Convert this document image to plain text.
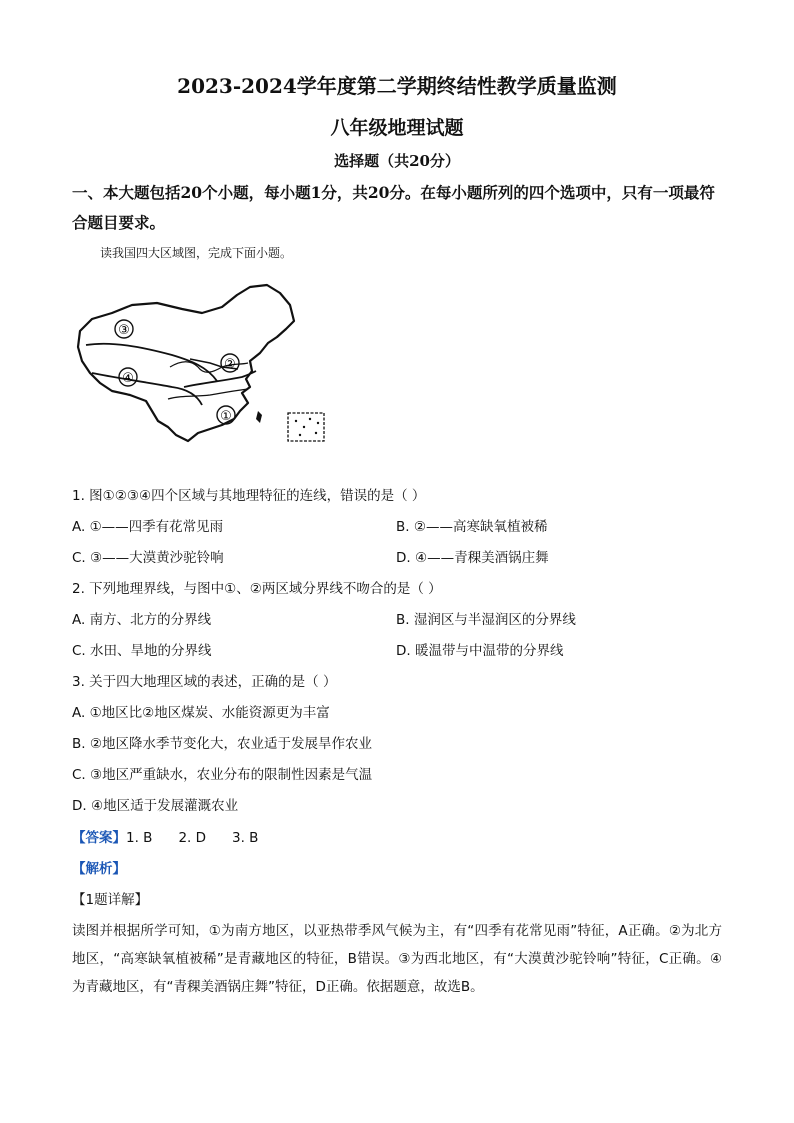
2023-2024学年度第二学期终结性教学质量监测
八年级地理试题
选择题（共20分）
一、本大题包括20个小题，每小题1分，共20分。在每小题所列的四个选项中，只有一项最符合题目要求。
读我国四大区域图，完成下面小题。
③
②
④
①
1. 图①②③④四个区域与其地理特征的连线，错误的是（ ）
A. ①——四季有花常见雨	B. ②——高寒缺氧植被稀
C. ③——大漠黄沙驼铃响	D. ④——青稞美酒锅庄舞
2. 下列地理界线，与图中①、②两区域分界线不吻合的是（ ）
A. 南方、北方的分界线	B. 湿润区与半湿润区的分界线
C. 水田、旱地的分界线	D. 暖温带与中温带的分界线
3. 关于四大地理区域的表述，正确的是（ ）
A. ①地区比②地区煤炭、水能资源更为丰富
B. ②地区降水季节变化大，农业适于发展旱作农业
C. ③地区严重缺水，农业分布的限制性因素是气温
D. ④地区适于发展灌溉农业
【答案】1. B 2. D 3. B
【解析】
【1题详解】
读图并根据所学可知，①为南方地区，以亚热带季风气候为主，有“四季有花常见雨”特征，A正确。②为北方地区，“高寒缺氧植被稀”是青藏地区的特征，B错误。③为西北地区，有“大漠黄沙驼铃响”特征，C正确。④为青藏地区，有“青稞美酒锅庄舞”特征，D正确。依据题意，故选B。
